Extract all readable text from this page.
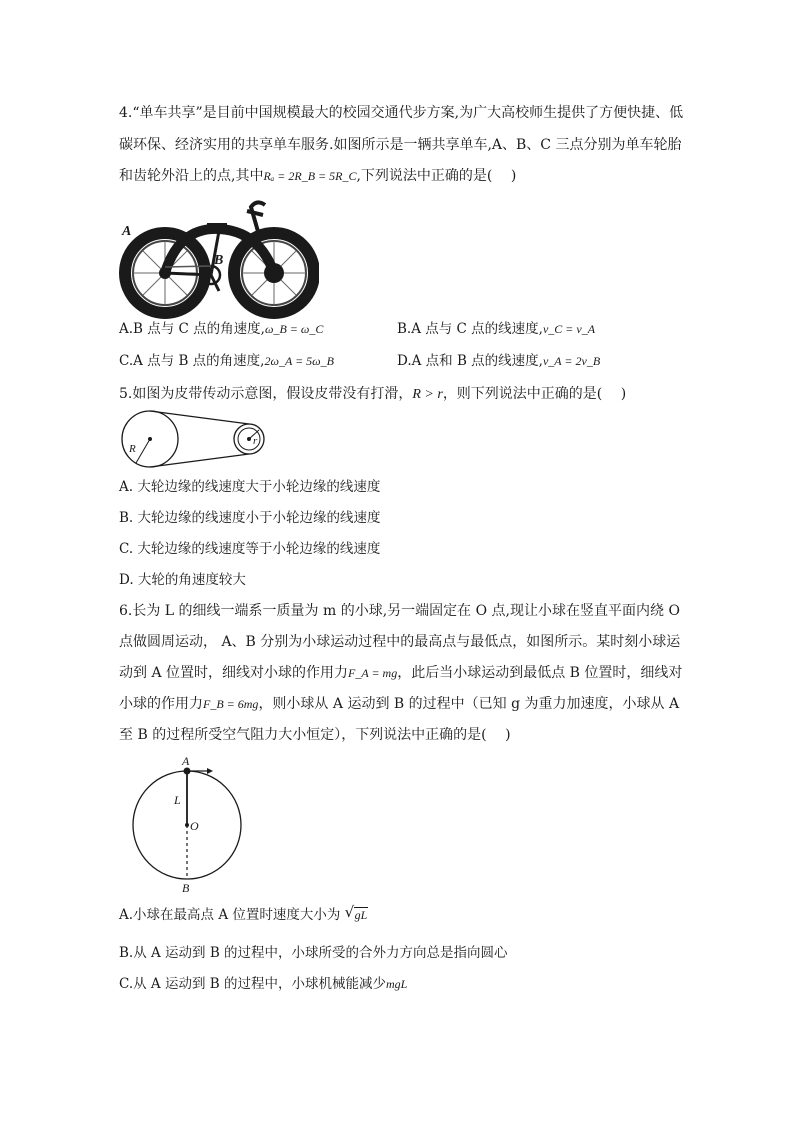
4.“单车共享”是目前中国规模最大的校园交通代步方案,为广大高校师生提供了方便快捷、低
碳环保、经济实用的共享单车服务.如图所示是一辆共享单车,A、B、C 三点分别为单车轮胎
和齿轮外沿上的点,其中Rₐ = 2R_B = 5R_C,下列说法中正确的是(　 )
A
B
C
A.B 点与 C 点的角速度,ω_B = ω_C	B.A 点与 C 点的线速度,v_C = v_A
C.A 点与 B 点的角速度,2ω_A = 5ω_B	D.A 点和 B 点的线速度,v_A = 2v_B
5.如图为皮带传动示意图，假设皮带没有打滑，R > r，则下列说法中正确的是(　 )
R
r
A. 大轮边缘的线速度大于小轮边缘的线速度
B. 大轮边缘的线速度小于小轮边缘的线速度
C. 大轮边缘的线速度等于小轮边缘的线速度
D. 大轮的角速度较大
6.长为 L 的细线一端系一质量为 m 的小球,另一端固定在 O 点,现让小球在竖直平面内绕 O
点做圆周运动， A、B 分别为小球运动过程中的最高点与最低点，如图所示。某时刻小球运
动到 A 位置时，细线对小球的作用力F_A = mg，此后当小球运动到最低点 B 位置时，细线对
小球的作用力F_B = 6mg，则小球从 A 运动到 B 的过程中（已知 g 为重力加速度，小球从 A
至 B 的过程所受空气阻力大小恒定），下列说法中正确的是(　 )
A
L
O
B
A.小球在最高点 A 位置时速度大小为 √ gL
B.从 A 运动到 B 的过程中，小球所受的合外力方向总是指向圆心
C.从 A 运动到 B 的过程中，小球机械能减少mgL
